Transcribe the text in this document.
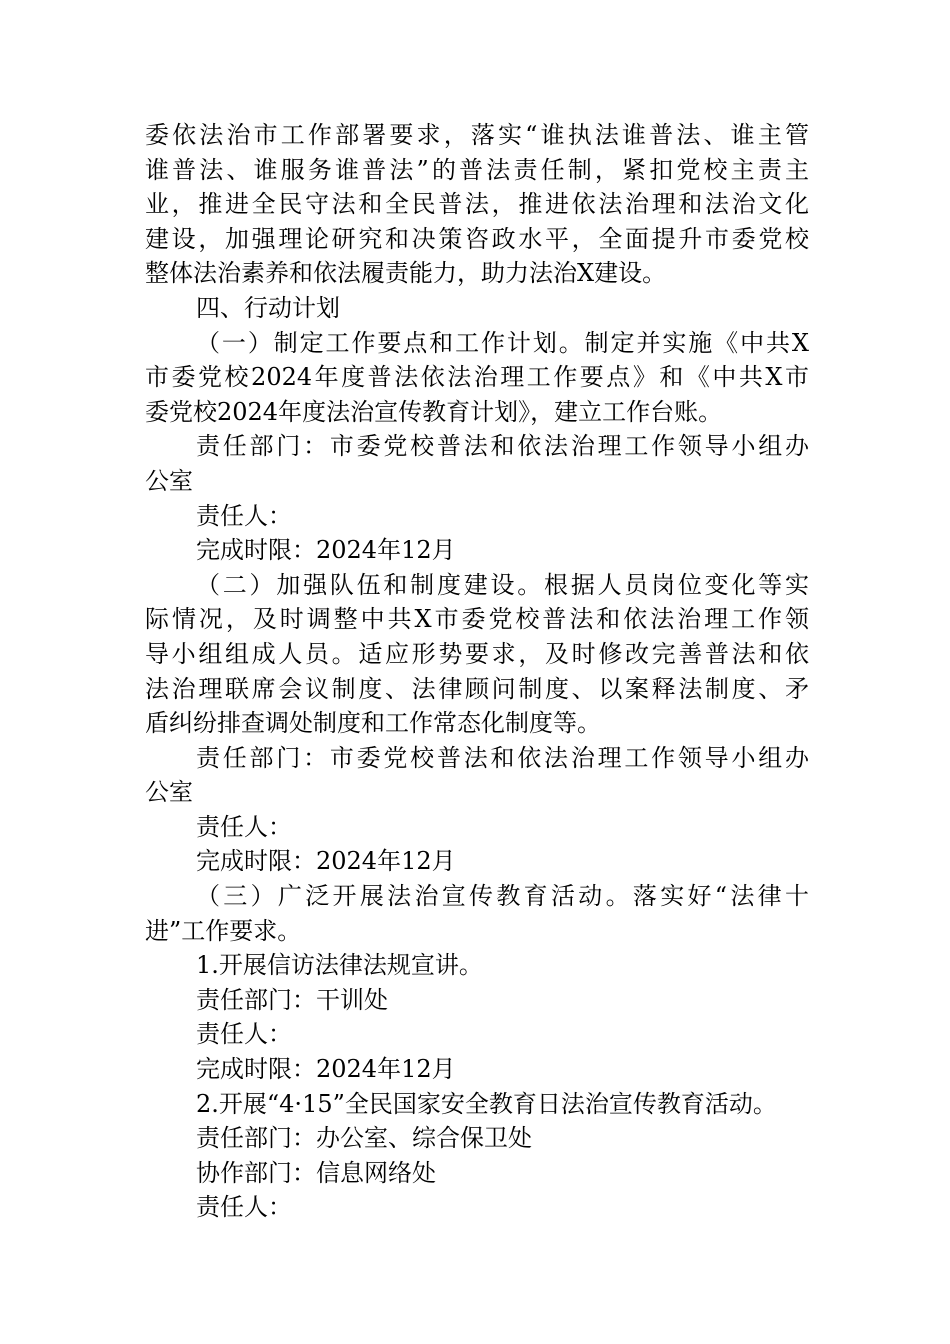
委依法治市工作部署要求，落实“谁执法谁普法、谁主管
谁普法、谁服务谁普法”的普法责任制，紧扣党校主责主
业，推进全民守法和全民普法，推进依法治理和法治文化
建设，加强理论研究和决策咨政水平，全面提升市委党校
整体法治素养和依法履责能力，助力法治X建设。
四、行动计划
（一）制定工作要点和工作计划。制定并实施《中共X
市委党校2024年度普法依法治理工作要点》和《中共X市
委党校2024年度法治宣传教育计划》，建立工作台账。
责任部门：市委党校普法和依法治理工作领导小组办
公室
责任人：
完成时限：2024年12月
（二）加强队伍和制度建设。根据人员岗位变化等实
际情况，及时调整中共X市委党校普法和依法治理工作领
导小组组成人员。适应形势要求，及时修改完善普法和依
法治理联席会议制度、法律顾问制度、以案释法制度、矛
盾纠纷排查调处制度和工作常态化制度等。
责任部门：市委党校普法和依法治理工作领导小组办
公室
责任人：
完成时限：2024年12月
（三）广泛开展法治宣传教育活动。落实好“法律十
进”工作要求。
1.开展信访法律法规宣讲。
责任部门：干训处
责任人：
完成时限：2024年12月
2.开展“4·15”全民国家安全教育日法治宣传教育活动。
责任部门：办公室、综合保卫处
协作部门：信息网络处
责任人：
